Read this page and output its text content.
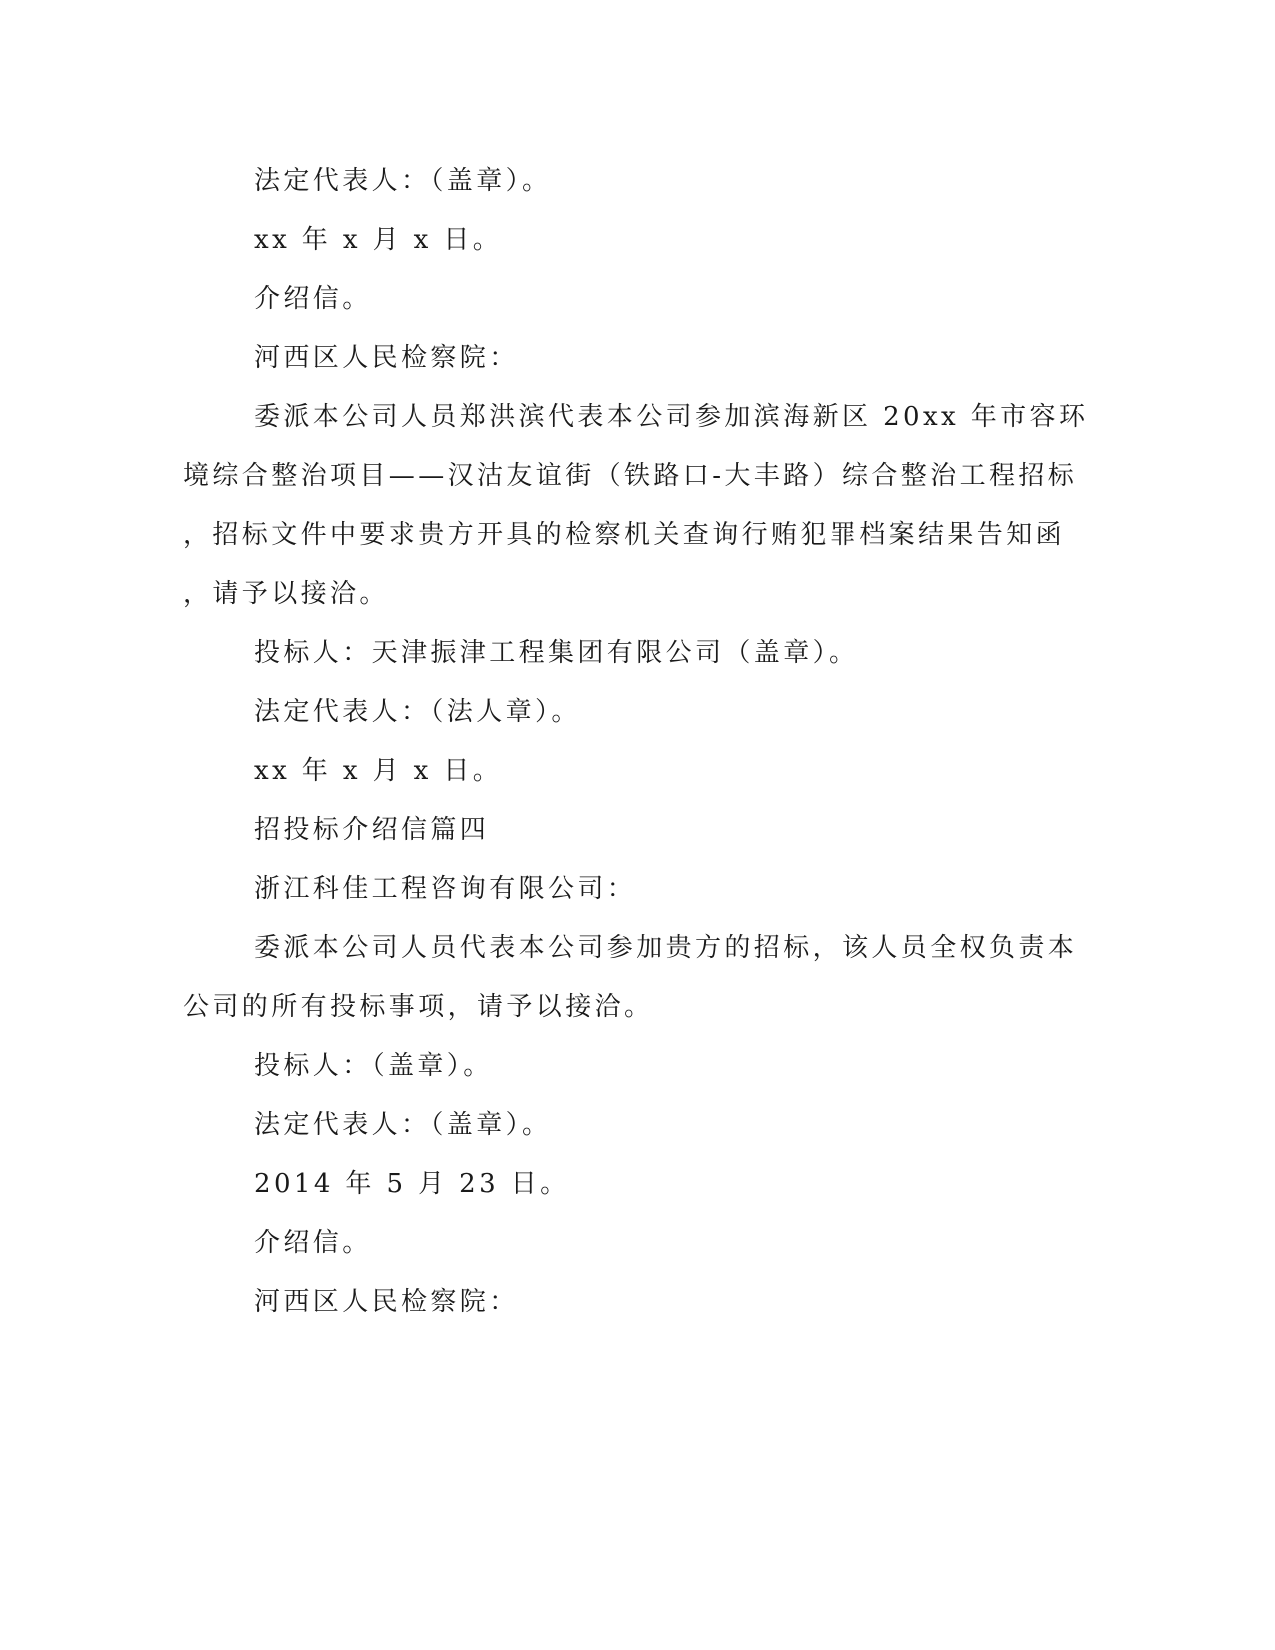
法定代表人：（盖章）。
xx 年 x 月 x 日。
介绍信。
河西区人民检察院：
委派本公司人员郑洪滨代表本公司参加滨海新区 20xx 年市容环
境综合整治项目——汉沽友谊街（铁路口-大丰路）综合整治工程招标
，招标文件中要求贵方开具的检察机关查询行贿犯罪档案结果告知函
，请予以接洽。
投标人：天津振津工程集团有限公司（盖章）。
法定代表人：（法人章）。
xx 年 x 月 x 日。
招投标介绍信篇四
浙江科佳工程咨询有限公司：
委派本公司人员代表本公司参加贵方的招标，该人员全权负责本
公司的所有投标事项，请予以接洽。
投标人：（盖章）。
法定代表人：（盖章）。
2014 年 5 月 23 日。
介绍信。
河西区人民检察院：
